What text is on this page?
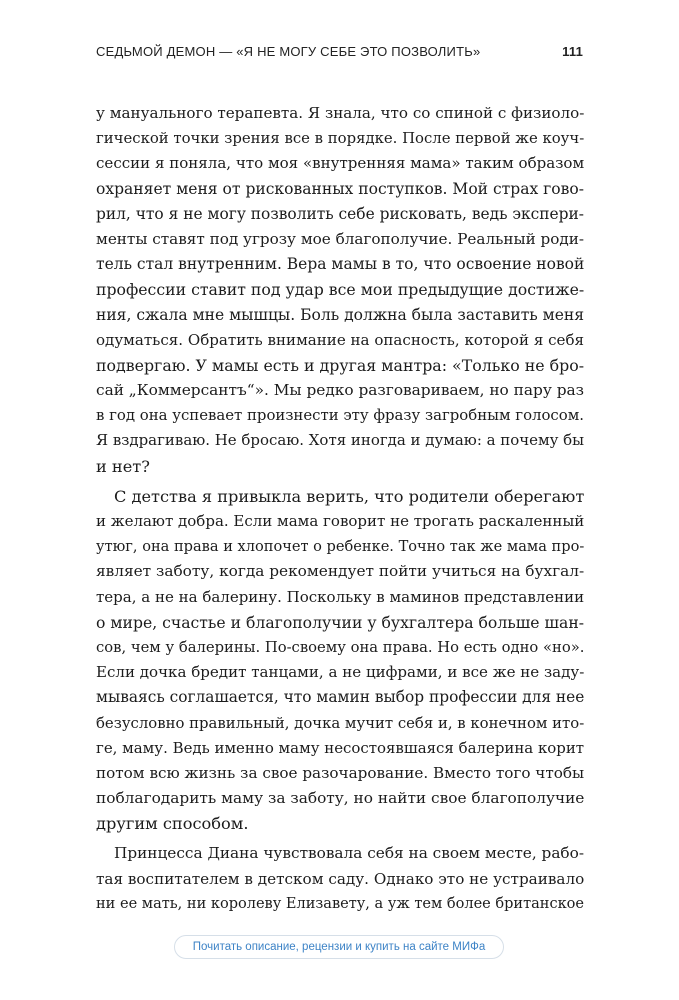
СЕДЬМОЙ ДЕМОН — «Я НЕ МОГУ СЕБЕ ЭТО ПОЗВОЛИТЬ»	111
у мануального терапевта. Я знала, что со спиной с физиоло-
гической точки зрения все в порядке. После первой же коуч-
сессии я поняла, что моя «внутренняя мама» таким образом
охраняет меня от рискованных поступков. Мой страх гово-
рил, что я не могу позволить себе рисковать, ведь экспери-
менты ставят под угрозу мое благополучие. Реальный роди-
тель стал внутренним. Вера мамы в то, что освоение новой
профессии ставит под удар все мои предыдущие достиже-
ния, сжала мне мышцы. Боль должна была заставить меня
одуматься. Обратить внимание на опасность, которой я себя
подвергаю. У мамы есть и другая мантра: «Только не бро-
сай „Коммерсантъ“». Мы редко разговариваем, но пару раз
в год она успевает произнести эту фразу загробным голосом.
Я вздрагиваю. Не бросаю. Хотя иногда и думаю: а почему бы
и нет?
С детства я привыкла верить, что родители оберегают
и желают добра. Если мама говорит не трогать раскаленный
утюг, она права и хлопочет о ребенке. Точно так же мама про-
являет заботу, когда рекомендует пойти учиться на бухгал-
тера, а не на балерину. Поскольку в маминов представлении
о мире, счастье и благополучии у бухгалтера больше шан-
сов, чем у балерины. По-своему она права. Но есть одно «но».
Если дочка бредит танцами, а не цифрами, и все же не заду-
мываясь соглашается, что мамин выбор профессии для нее
безусловно правильный, дочка мучит себя и, в конечном ито-
ге, маму. Ведь именно маму несостоявшаяся балерина корит
потом всю жизнь за свое разочарование. Вместо того чтобы
поблагодарить маму за заботу, но найти свое благополучие
другим способом.
Принцесса Диана чувствовала себя на своем месте, рабо-
тая воспитателем в детском саду. Однако это не устраивало
ни ее мать, ни королеву Елизавету, а уж тем более британское
Почитать описание, рецензии и купить на сайте МИФа
